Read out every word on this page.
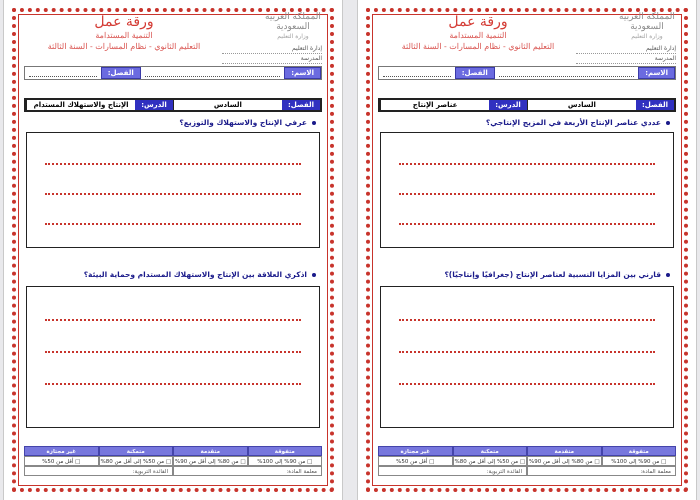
المملكة العربية السعودية
وزارة التعليم
إدارة التعليم
المدرسة
ورقة عمل
التنمية المستدامة
التعليم الثانوي - نظام المسارات - السنة الثالثة
الاسم:
الفصل:
الفصل:
السادس
الدرس:
الإنتاج والاستهلاك المستدام
عرفي الإنتاج والاستهلاك والتوزيع؟
اذكري العلاقة بين الإنتاج والاستهلاك المستدام وحماية البيئة؟
متفوقة
متقدمة
متمكنة
غير مجتازة
□ من 90% إلى 100%
□ من 80% إلى أقل من 90%
□ من 50% إلى أقل من 80%
□ أقل من 50%
معلمة المادة:
القائدة التربوية:
المملكة العربية السعودية
وزارة التعليم
إدارة التعليم
المدرسة
ورقة عمل
التنمية المستدامة
التعليم الثانوي - نظام المسارات - السنة الثالثة
الاسم:
الفصل:
الفصل:
السادس
الدرس:
عناصر الإنتاج
عددي عناصر الإنتاج الأربعة في المزيج الإنتاجي؟
قارني بين المزايا النسبية لعناصر الإنتاج (جغرافيًا وإنتاجيًا)؟
متفوقة
متقدمة
متمكنة
غير مجتازة
□ من 90% إلى 100%
□ من 80% إلى أقل من 90%
□ من 50% إلى أقل من 80%
□ أقل من 50%
معلمة المادة:
القائدة التربوية:
